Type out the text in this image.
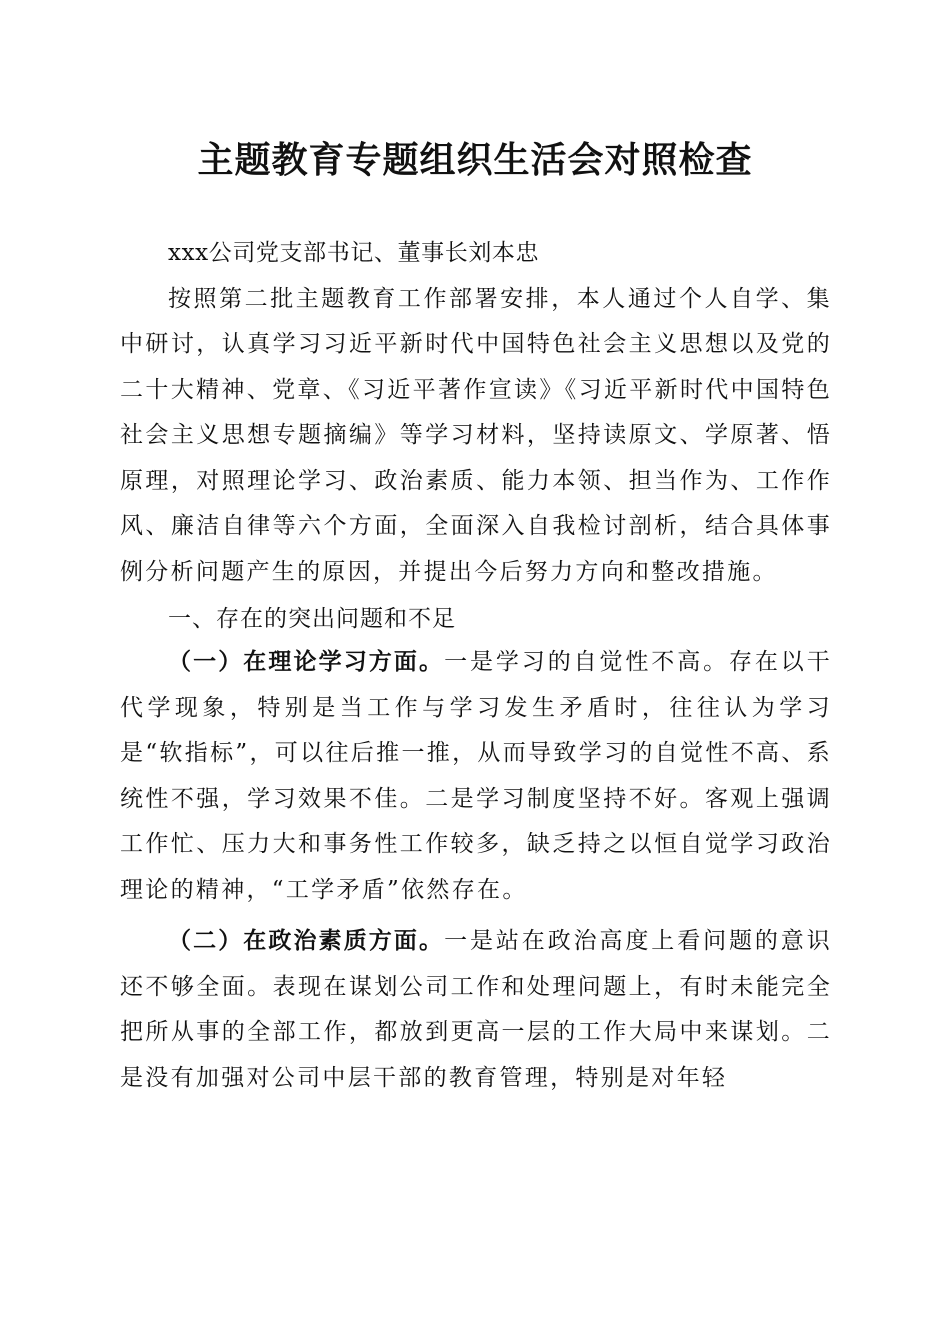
主题教育专题组织生活会对照检查

xxx公司党支部书记、董事长刘本忠

按照第二批主题教育工作部署安排，本人通过个人自学、集中研讨，认真学习习近平新时代中国特色社会主义思想以及党的二十大精神、党章、《习近平著作宣读》《习近平新时代中国特色社会主义思想专题摘编》等学习材料，坚持读原文、学原著、悟原理，对照理论学习、政治素质、能力本领、担当作为、工作作风、廉洁自律等六个方面，全面深入自我检讨剖析，结合具体事例分析问题产生的原因，并提出今后努力方向和整改措施。

一、存在的突出问题和不足

（一）在理论学习方面。一是学习的自觉性不高。存在以干代学现象，特别是当工作与学习发生矛盾时，往往认为学习是“软指标”，可以往后推一推，从而导致学习的自觉性不高、系统性不强，学习效果不佳。二是学习制度坚持不好。客观上强调工作忙、压力大和事务性工作较多，缺乏持之以恒自觉学习政治理论的精神，“工学矛盾”依然存在。

（二）在政治素质方面。一是站在政治高度上看问题的意识还不够全面。表现在谋划公司工作和处理问题上，有时未能完全把所从事的全部工作，都放到更高一层的工作大局中来谋划。二是没有加强对公司中层干部的教育管理，特别是对年轻
